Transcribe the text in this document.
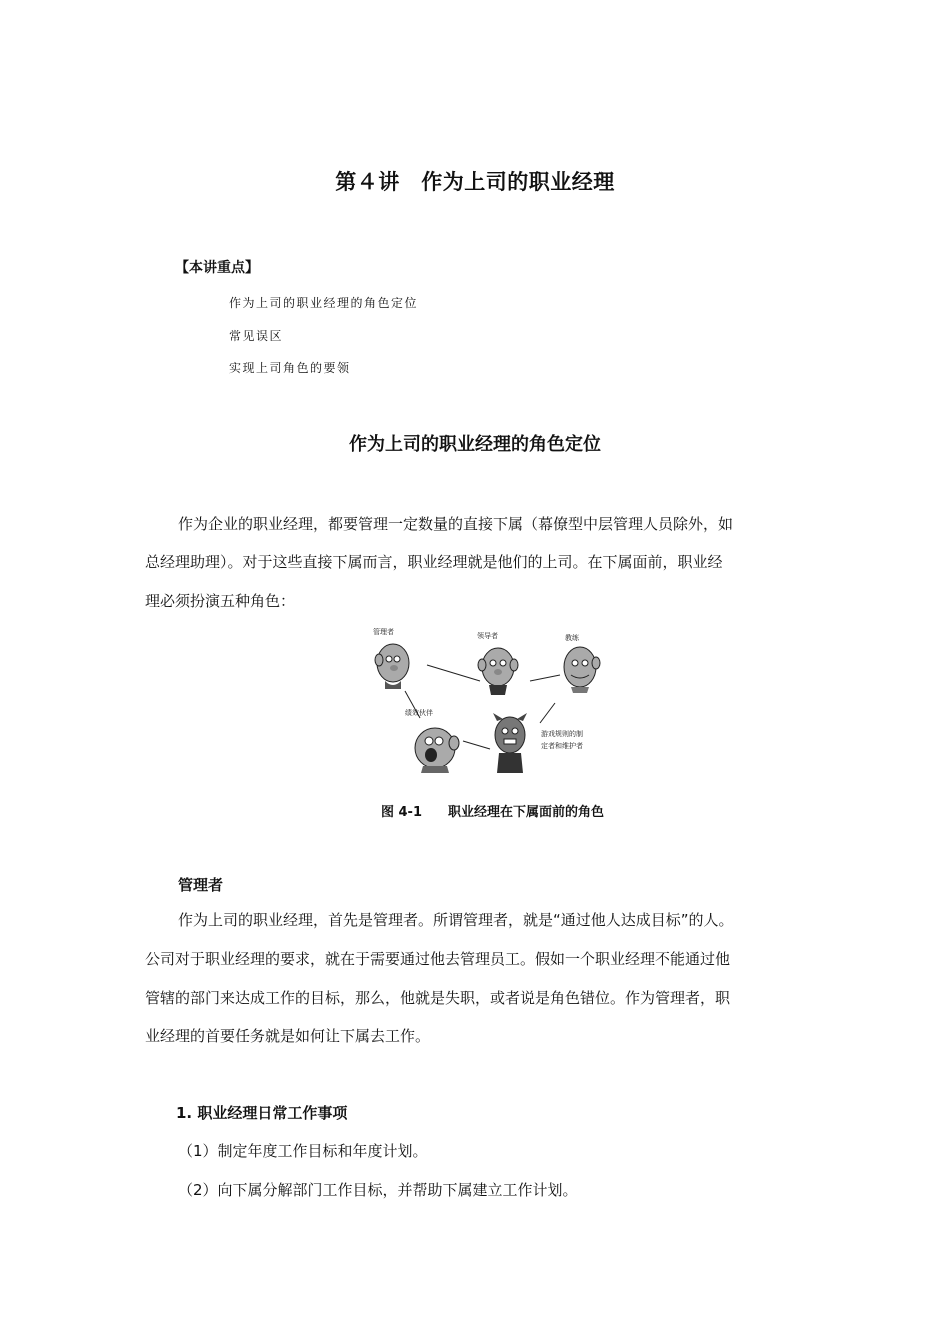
第４讲　作为上司的职业经理
【本讲重点】
作为上司的职业经理的角色定位
常见误区
实现上司角色的要领
作为上司的职业经理的角色定位
作为企业的职业经理，都要管理一定数量的直接下属（幕僚型中层管理人员除外，如
总经理助理）。对于这些直接下属而言，职业经理就是他们的上司。在下属面前，职业经
理必须扮演五种角色：
管理者	领导者	教练
绩效伙伴
游戏规则的制
定者和维护者
图 4-1　　职业经理在下属面前的角色
管理者
作为上司的职业经理，首先是管理者。所谓管理者，就是“通过他人达成目标”的人。
公司对于职业经理的要求，就在于需要通过他去管理员工。假如一个职业经理不能通过他
管辖的部门来达成工作的目标，那么，他就是失职，或者说是角色错位。作为管理者，职
业经理的首要任务就是如何让下属去工作。
1. 职业经理日常工作事项
（1）制定年度工作目标和年度计划。
（2）向下属分解部门工作目标，并帮助下属建立工作计划。
